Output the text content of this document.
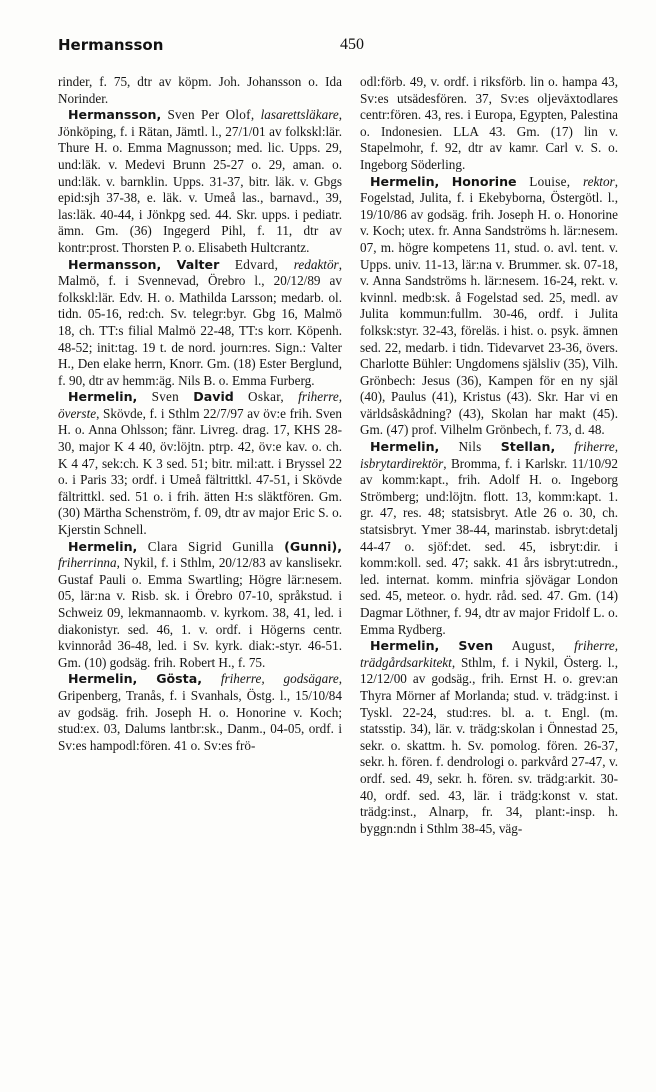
Hermansson	450

rinder, f. 75, dtr av köpm. Joh. Johansson o. Ida Norinder.

Hermansson, Sven Per Olof, lasarettsläkare, Jönköping, f. i Rätan, Jämtl. l., 27/1/01 av folkskl:lär. Thure H. o. Emma Magnusson; med. lic. Upps. 29, und:läk. v. Medevi Brunn 25-27 o. 29, aman. o. und:läk. v. barnklin. Upps. 31-37, bitr. läk. v. Gbgs epid:sjh 37-38, e. läk. v. Umeå las., barnavd., 39, las:läk. 40-44, i Jönkpg sed. 44. Skr. upps. i pediatr. ämn. Gm. (36) Ingegerd Pihl, f. 11, dtr av kontr:prost. Thorsten P. o. Elisabeth Hultcrantz.

Hermansson, Valter Edvard, redaktör, Malmö, f. i Svennevad, Örebro l., 20/12/89 av folkskl:lär. Edv. H. o. Mathilda Larsson; medarb. ol. tidn. 05-16, red:ch. Sv. telegr:byr. Gbg 16, Malmö 18, ch. TT:s filial Malmö 22-48, TT:s korr. Köpenh. 48-52; init:tag. 19 t. de nord. journ:res. Sign.: Valter H., Den elake herrn, Knorr. Gm. (18) Ester Berglund, f. 90, dtr av hemm:äg. Nils B. o. Emma Furberg.

Hermelin, Sven David Oskar, friherre, överste, Skövde, f. i Sthlm 22/7/97 av öv:e frih. Sven H. o. Anna Ohlsson; fänr. Livreg. drag. 17, KHS 28-30, major K 4 40, öv:löjtn. ptrp. 42, öv:e kav. o. ch. K 4 47, sek:ch. K 3 sed. 51; bitr. mil:att. i Bryssel 22 o. i Paris 33; ordf. i Umeå fältrittkl. 47-51, i Skövde fältrittkl. sed. 51 o. i frih. ätten H:s släktfören. Gm. (30) Märtha Schenström, f. 09, dtr av major Eric S. o. Kjerstin Schnell.

Hermelin, Clara Sigrid Gunilla (Gunni), friherrinna, Nykil, f. i Sthlm, 20/12/83 av kanslisekr. Gustaf Pauli o. Emma Swartling; Högre lär:nesem. 05, lär:na v. Risb. sk. i Örebro 07-10, språkstud. i Schweiz 09, lekmannaomb. v. kyrkom. 38, 41, led. i diakonistyr. sed. 46, 1. v. ordf. i Högerns centr. kvinnoråd 36-48, led. i Sv. kyrk. diak:-styr. 46-51. Gm. (10) godsäg. frih. Robert H., f. 75.

Hermelin, Gösta, friherre, godsägare, Gripenberg, Tranås, f. i Svanhals, Östg. l., 15/10/84 av godsäg. frih. Joseph H. o. Honorine v. Koch; stud:ex. 03, Dalums lantbr:sk., Danm., 04-05, ordf. i Sv:es hampodl:fören. 41 o. Sv:es frö-

odl:förb. 49, v. ordf. i riksförb. lin o. hampa 43, Sv:es utsädesfören. 37, Sv:es oljeväxtodlares centr:fören. 43, res. i Europa, Egypten, Palestina o. Indonesien. LLA 43. Gm. (17) lin v. Stapelmohr, f. 92, dtr av kamr. Carl v. S. o. Ingeborg Söderling.

Hermelin, Honorine Louise, rektor, Fogelstad, Julita, f. i Ekebyborna, Östergötl. l., 19/10/86 av godsäg. frih. Joseph H. o. Honorine v. Koch; utex. fr. Anna Sandströms h. lär:nesem. 07, m. högre kompetens 11, stud. o. avl. tent. v. Upps. univ. 11-13, lär:na v. Brummer. sk. 07-18, v. Anna Sandströms h. lär:nesem. 16-24, rekt. v. kvinnl. medb:sk. å Fogelstad sed. 25, medl. av Julita kommun:fullm. 30-46, ordf. i Julita folksk:styr. 32-43, föreläs. i hist. o. psyk. ämnen sed. 22, medarb. i tidn. Tidevarvet 23-36, övers. Charlotte Bühler: Ungdomens själsliv (35), Vilh. Grönbech: Jesus (36), Kampen för en ny själ (40), Paulus (41), Kristus (43). Skr. Har vi en världsåskådning? (43), Skolan har makt (45). Gm. (47) prof. Vilhelm Grönbech, f. 73, d. 48.

Hermelin, Nils Stellan, friherre, isbrytardirektör, Bromma, f. i Karlskr. 11/10/92 av komm:kapt., frih. Adolf H. o. Ingeborg Strömberg; und:löjtn. flott. 13, komm:kapt. 1. gr. 47, res. 48; statsisbryt. Atle 26 o. 30, ch. statsisbryt. Ymer 38-44, marinstab. isbryt:detalj 44-47 o. sjöf:det. sed. 45, isbryt:dir. i komm:koll. sed. 47; sakk. 41 års isbryt:utredn., led. internat. komm. minfria sjövägar London sed. 45, meteor. o. hydr. råd. sed. 47. Gm. (14) Dagmar Löthner, f. 94, dtr av major Fridolf L. o. Emma Rydberg.

Hermelin, Sven August, friherre, trädgårdsarkitekt, Sthlm, f. i Nykil, Österg. l., 12/12/00 av godsäg., frih. Ernst H. o. grev:an Thyra Mörner af Morlanda; stud. v. trädg:inst. i Tyskl. 22-24, stud:res. bl. a. t. Engl. (m. statsstip. 34), lär. v. trädg:skolan i Önnestad 25, sekr. o. skattm. h. Sv. pomolog. fören. 26-37, sekr. h. fören. f. dendrologi o. parkvård 27-47, v. ordf. sed. 49, sekr. h. fören. sv. trädg:arkit. 30-40, ordf. sed. 43, lär. i trädg:konst v. stat. trädg:inst., Alnarp, fr. 34, plant:-insp. h. byggn:ndn i Sthlm 38-45, väg-
